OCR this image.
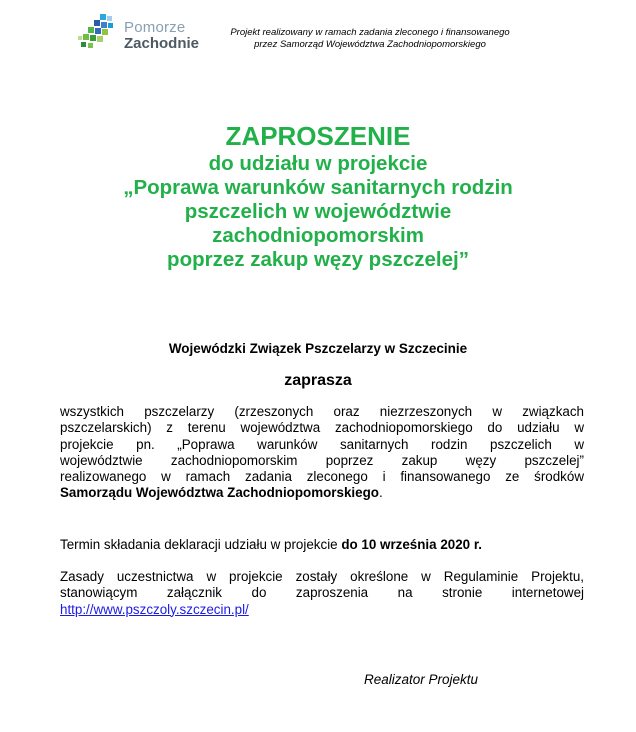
Pomorze
Zachodnie
Projekt realizowany w ramach zadania zleconego i finansowanego
przez Samorząd Województwa Zachodniopomorskiego
ZAPROSZENIE
do udziału w projekcie
„Poprawa warunków sanitarnych rodzin
pszczelich w województwie
zachodniopomorskim
poprzez zakup węzy pszczelej”
Wojewódzki Związek Pszczelarzy w Szczecinie
zaprasza
wszystkich pszczelarzy (zrzeszonych oraz niezrzeszonych w związkach
pszczelarskich) z terenu województwa zachodniopomorskiego do udziału w
projekcie pn. „Poprawa warunków sanitarnych rodzin pszczelich w
województwie zachodniopomorskim poprzez zakup węzy pszczelej”
realizowanego w ramach zadania zleconego i finansowanego ze środków
Samorządu Województwa Zachodniopomorskiego.
Termin składania deklaracji udziału w projekcie do 10 września 2020 r.
Zasady uczestnictwa w projekcie zostały określone w Regulaminie Projektu,
stanowiącym załącznik do zaproszenia na stronie internetowej
http://www.pszczoly.szczecin.pl/
Realizator Projektu
